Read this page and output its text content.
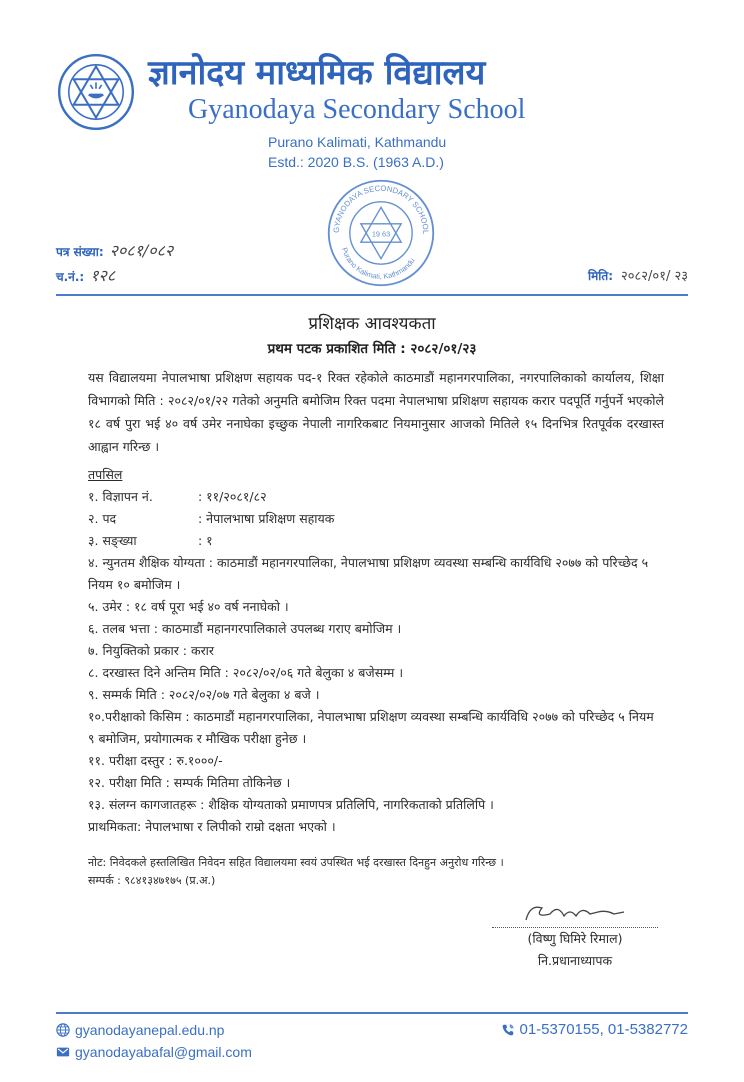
ज्ञानोदय माध्यमिक विद्यालय
Gyanodaya Secondary School
Purano Kalimati, Kathmandu
Estd.: 2020 B.S. (1963 A.D.)
पत्र संख्या: २०८१/०८२
च.नं.: १२८
GYANODAYA SECONDARY SCHOOL
Purano Kalimati, Kathmandu
19 63
मिति: २०८२/०१/ २३
प्रशिक्षक आवश्यकता
प्रथम पटक प्रकाशित मिति : २०८२/०१/२३
यस विद्यालयमा नेपालभाषा प्रशिक्षण सहायक पद-१ रिक्त रहेकोले काठमाडौं महानगरपालिका, नगरपालिकाको कार्यालय, शिक्षा विभागको मिति : २०८२/०१/२२ गतेको अनुमति बमोजिम रिक्त पदमा नेपालभाषा प्रशिक्षण सहायक करार पदपूर्ति गर्नुपर्ने भएकोले १८ वर्ष पुरा भई ४० वर्ष उमेर ननाघेका इच्छुक नेपाली नागरिकबाट नियमानुसार आजको मितिले १५ दिनभित्र रितपूर्वक दरखास्त आह्वान गरिन्छ ।
तपसिल
१. विज्ञापन नं.	: ११/२०८१/८२
२. पद	: नेपालभाषा प्रशिक्षण सहायक
३. सङ्ख्या	: १
४. न्युनतम शैक्षिक योग्यता : काठमाडौं महानगरपालिका, नेपालभाषा प्रशिक्षण व्यवस्था सम्बन्धि कार्यविधि २०७७ को परिच्छेद ५ नियम १० बमोजिम ।
५. उमेर : १८ वर्ष पूरा भई ४० वर्ष ननाघेको ।
६. तलब भत्ता : काठमाडौं महानगरपालिकाले उपलब्ध गराए बमोजिम ।
७. नियुक्तिको प्रकार : करार
८. दरखास्त दिने अन्तिम मिति : २०८२/०२/०६ गते बेलुका ४ बजेसम्म ।
९. सम्मर्क मिति : २०८२/०२/०७ गते बेलुका ४ बजे ।
१०.परीक्षाको किसिम : काठमाडौं महानगरपालिका, नेपालभाषा प्रशिक्षण व्यवस्था सम्बन्धि कार्यविधि २०७७ को परिच्छेद ५ नियम ९ बमोजिम, प्रयोगात्मक र मौखिक परीक्षा हुनेछ ।
११. परीक्षा दस्तुर : रु.१०००/-
१२. परीक्षा मिति : सम्पर्क मितिमा तोकिनेछ ।
१३. संलग्न कागजातहरू : शैक्षिक योग्यताको प्रमाणपत्र प्रतिलिपि, नागरिकताको प्रतिलिपि ।
प्राथमिकता: नेपालभाषा र लिपीको राम्रो दक्षता भएको ।
नोट: निवेदकले हस्तलिखित निवेदन सहित विद्यालयमा स्वयं उपस्थित भई दरखास्त दिनहुन अनुरोध गरिन्छ ।
सम्पर्क : ९८४१३४७१७५ (प्र.अ.)
(विष्णु घिमिरे रिमाल)
नि.प्रधानाध्यापक
gyanodayanepal.edu.np
gyanodayabafal@gmail.com
01-5370155, 01-5382772
